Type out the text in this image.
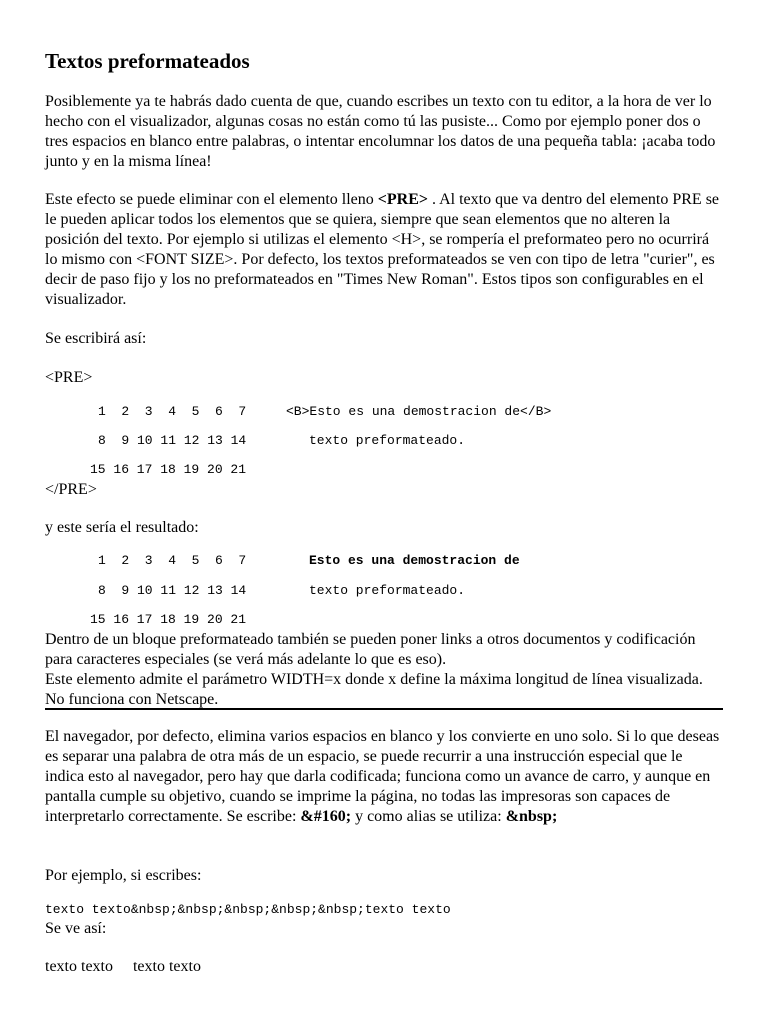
Textos preformateados

Posiblemente ya te habrás dado cuenta de que, cuando escribes un texto con tu editor, a la hora de ver lo hecho con el visualizador, algunas cosas no están como tú las pusiste... Como por ejemplo poner dos o tres espacios en blanco entre palabras, o intentar encolumnar los datos de una pequeña tabla: ¡acaba todo junto y en la misma línea!

Este efecto se puede eliminar con el elemento lleno <PRE> . Al texto que va dentro del elemento PRE se le pueden aplicar todos los elementos que se quiera, siempre que sean elementos que no alteren la posición del texto. Por ejemplo si utilizas el elemento <H>, se rompería el preformateo pero no ocurrirá lo mismo con <FONT SIZE>. Por defecto, los textos preformateados se ven con tipo de letra "curier", es decir de paso fijo y los no preformateados en "Times New Roman". Estos tipos son configurables en el visualizador.

Se escribirá así:

<PRE>

1  2  3  4  5  6  7	<B>Esto es una demostracion de</B>
8  9 10 11 12 13 14	texto preformateado.
15 16 17 18 19 20 21

</PRE>

y este sería el resultado:

1  2  3  4  5  6  7	Esto es una demostracion de
8  9 10 11 12 13 14	texto preformateado.
15 16 17 18 19 20 21

Dentro de un bloque preformateado también se pueden poner links a otros documentos y codificación para caracteres especiales (se verá más adelante lo que es eso).

Este elemento admite el parámetro WIDTH=x donde x define la máxima longitud de línea visualizada. No funciona con Netscape.

El navegador, por defecto, elimina varios espacios en blanco y los convierte en uno solo. Si lo que deseas es separar una palabra de otra más de un espacio, se puede recurrir a una instrucción especial que le indica esto al navegador, pero hay que darla codificada; funciona como un avance de carro, y aunque en pantalla cumple su objetivo, cuando se imprime la página, no todas las impresoras son capaces de interpretarlo correctamente. Se escribe: &#160; y como alias se utiliza: &nbsp;

Por ejemplo, si escribes:

texto texto&nbsp;&nbsp;&nbsp;&nbsp;&nbsp;texto texto

Se ve así:

texto texto     texto texto
